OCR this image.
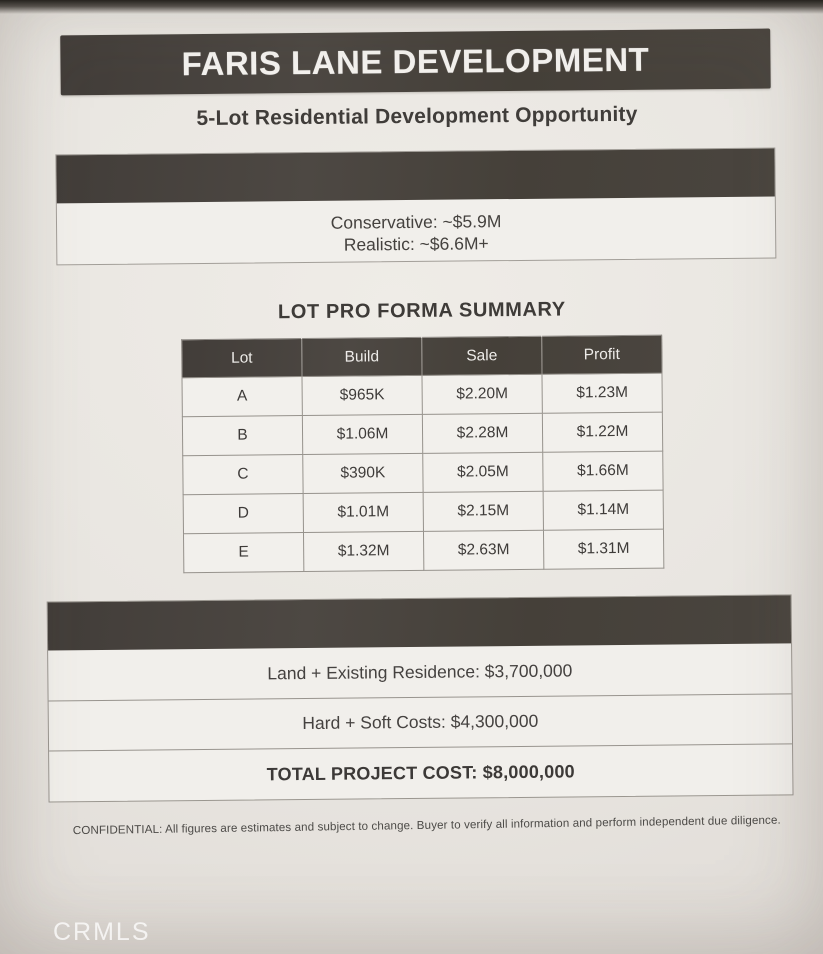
FARIS LANE DEVELOPMENT
5-Lot Residential Development Opportunity
Conservative: ~$5.9M
Realistic: ~$6.6M+
LOT PRO FORMA SUMMARY
Lot	Build	Sale	Profit
A	$965K	$2.20M	$1.23M
B	$1.06M	$2.28M	$1.22M
C	$390K	$2.05M	$1.66M
D	$1.01M	$2.15M	$1.14M
E	$1.32M	$2.63M	$1.31M
Land + Existing Residence: $3,700,000
Hard + Soft Costs: $4,300,000
TOTAL PROJECT COST: $8,000,000
CONFIDENTIAL: All figures are estimates and subject to change. Buyer to verify all information and perform independent due diligence.
CRMLS
